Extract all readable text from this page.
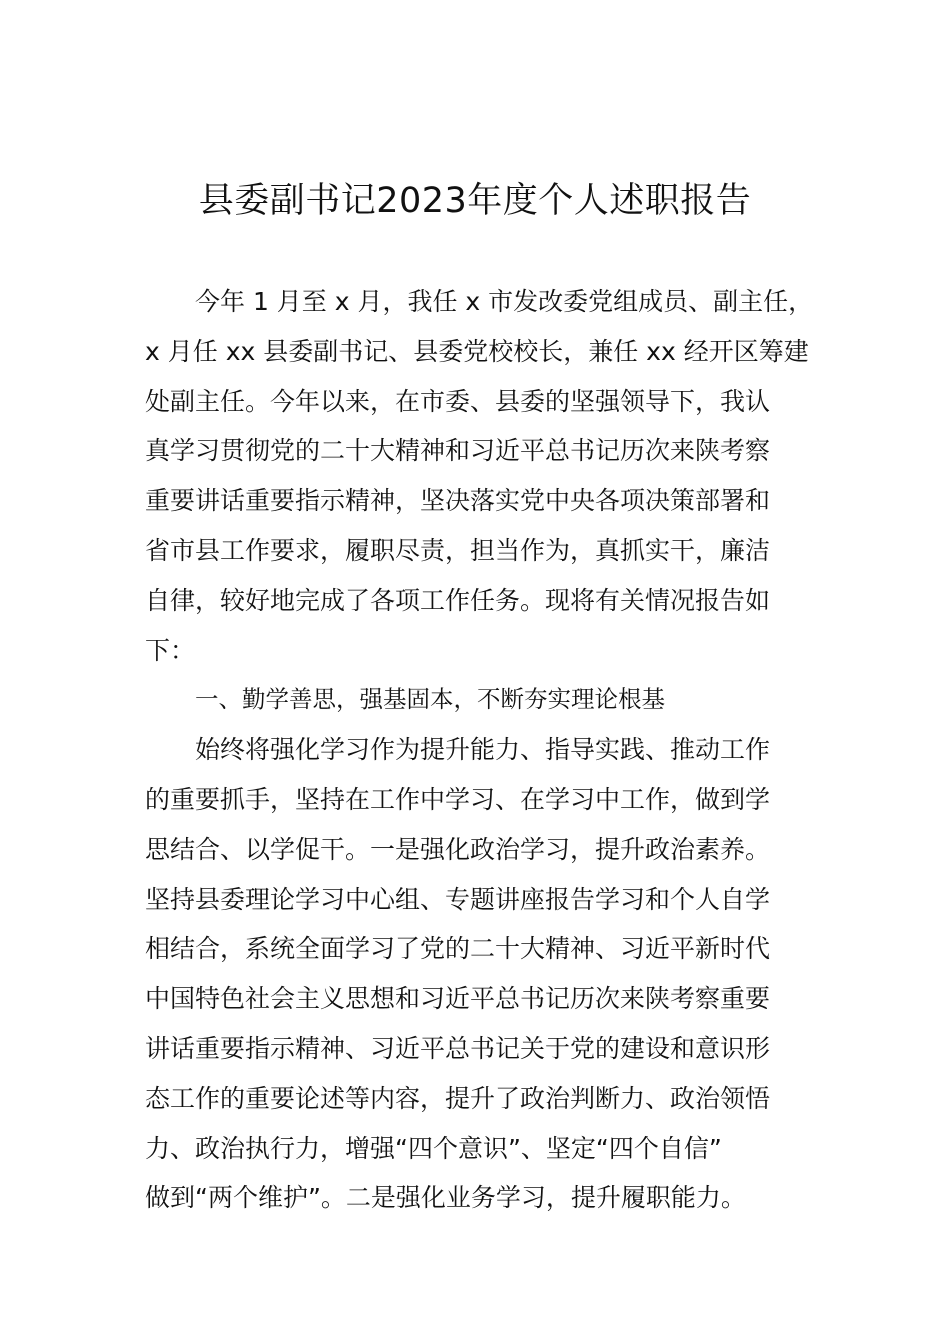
县委副书记2023年度个人述职报告
今年 1 月至 x 月，我任 x 市发改委党组成员、副主任，
x 月任 xx 县委副书记、县委党校校长，兼任 xx 经开区筹建
处副主任。今年以来，在市委、县委的坚强领导下，我认
真学习贯彻党的二十大精神和习近平总书记历次来陕考察
重要讲话重要指示精神，坚决落实党中央各项决策部署和
省市县工作要求，履职尽责，担当作为，真抓实干，廉洁
自律，较好地完成了各项工作任务。现将有关情况报告如
下：
一、勤学善思，强基固本，不断夯实理论根基
始终将强化学习作为提升能力、指导实践、推动工作
的重要抓手，坚持在工作中学习、在学习中工作，做到学
思结合、以学促干。一是强化政治学习，提升政治素养。
坚持县委理论学习中心组、专题讲座报告学习和个人自学
相结合，系统全面学习了党的二十大精神、习近平新时代
中国特色社会主义思想和习近平总书记历次来陕考察重要
讲话重要指示精神、习近平总书记关于党的建设和意识形
态工作的重要论述等内容，提升了政治判断力、政治领悟
力、政治执行力，增强“四个意识”、坚定“四个自信”
做到“两个维护”。二是强化业务学习，提升履职能力。
